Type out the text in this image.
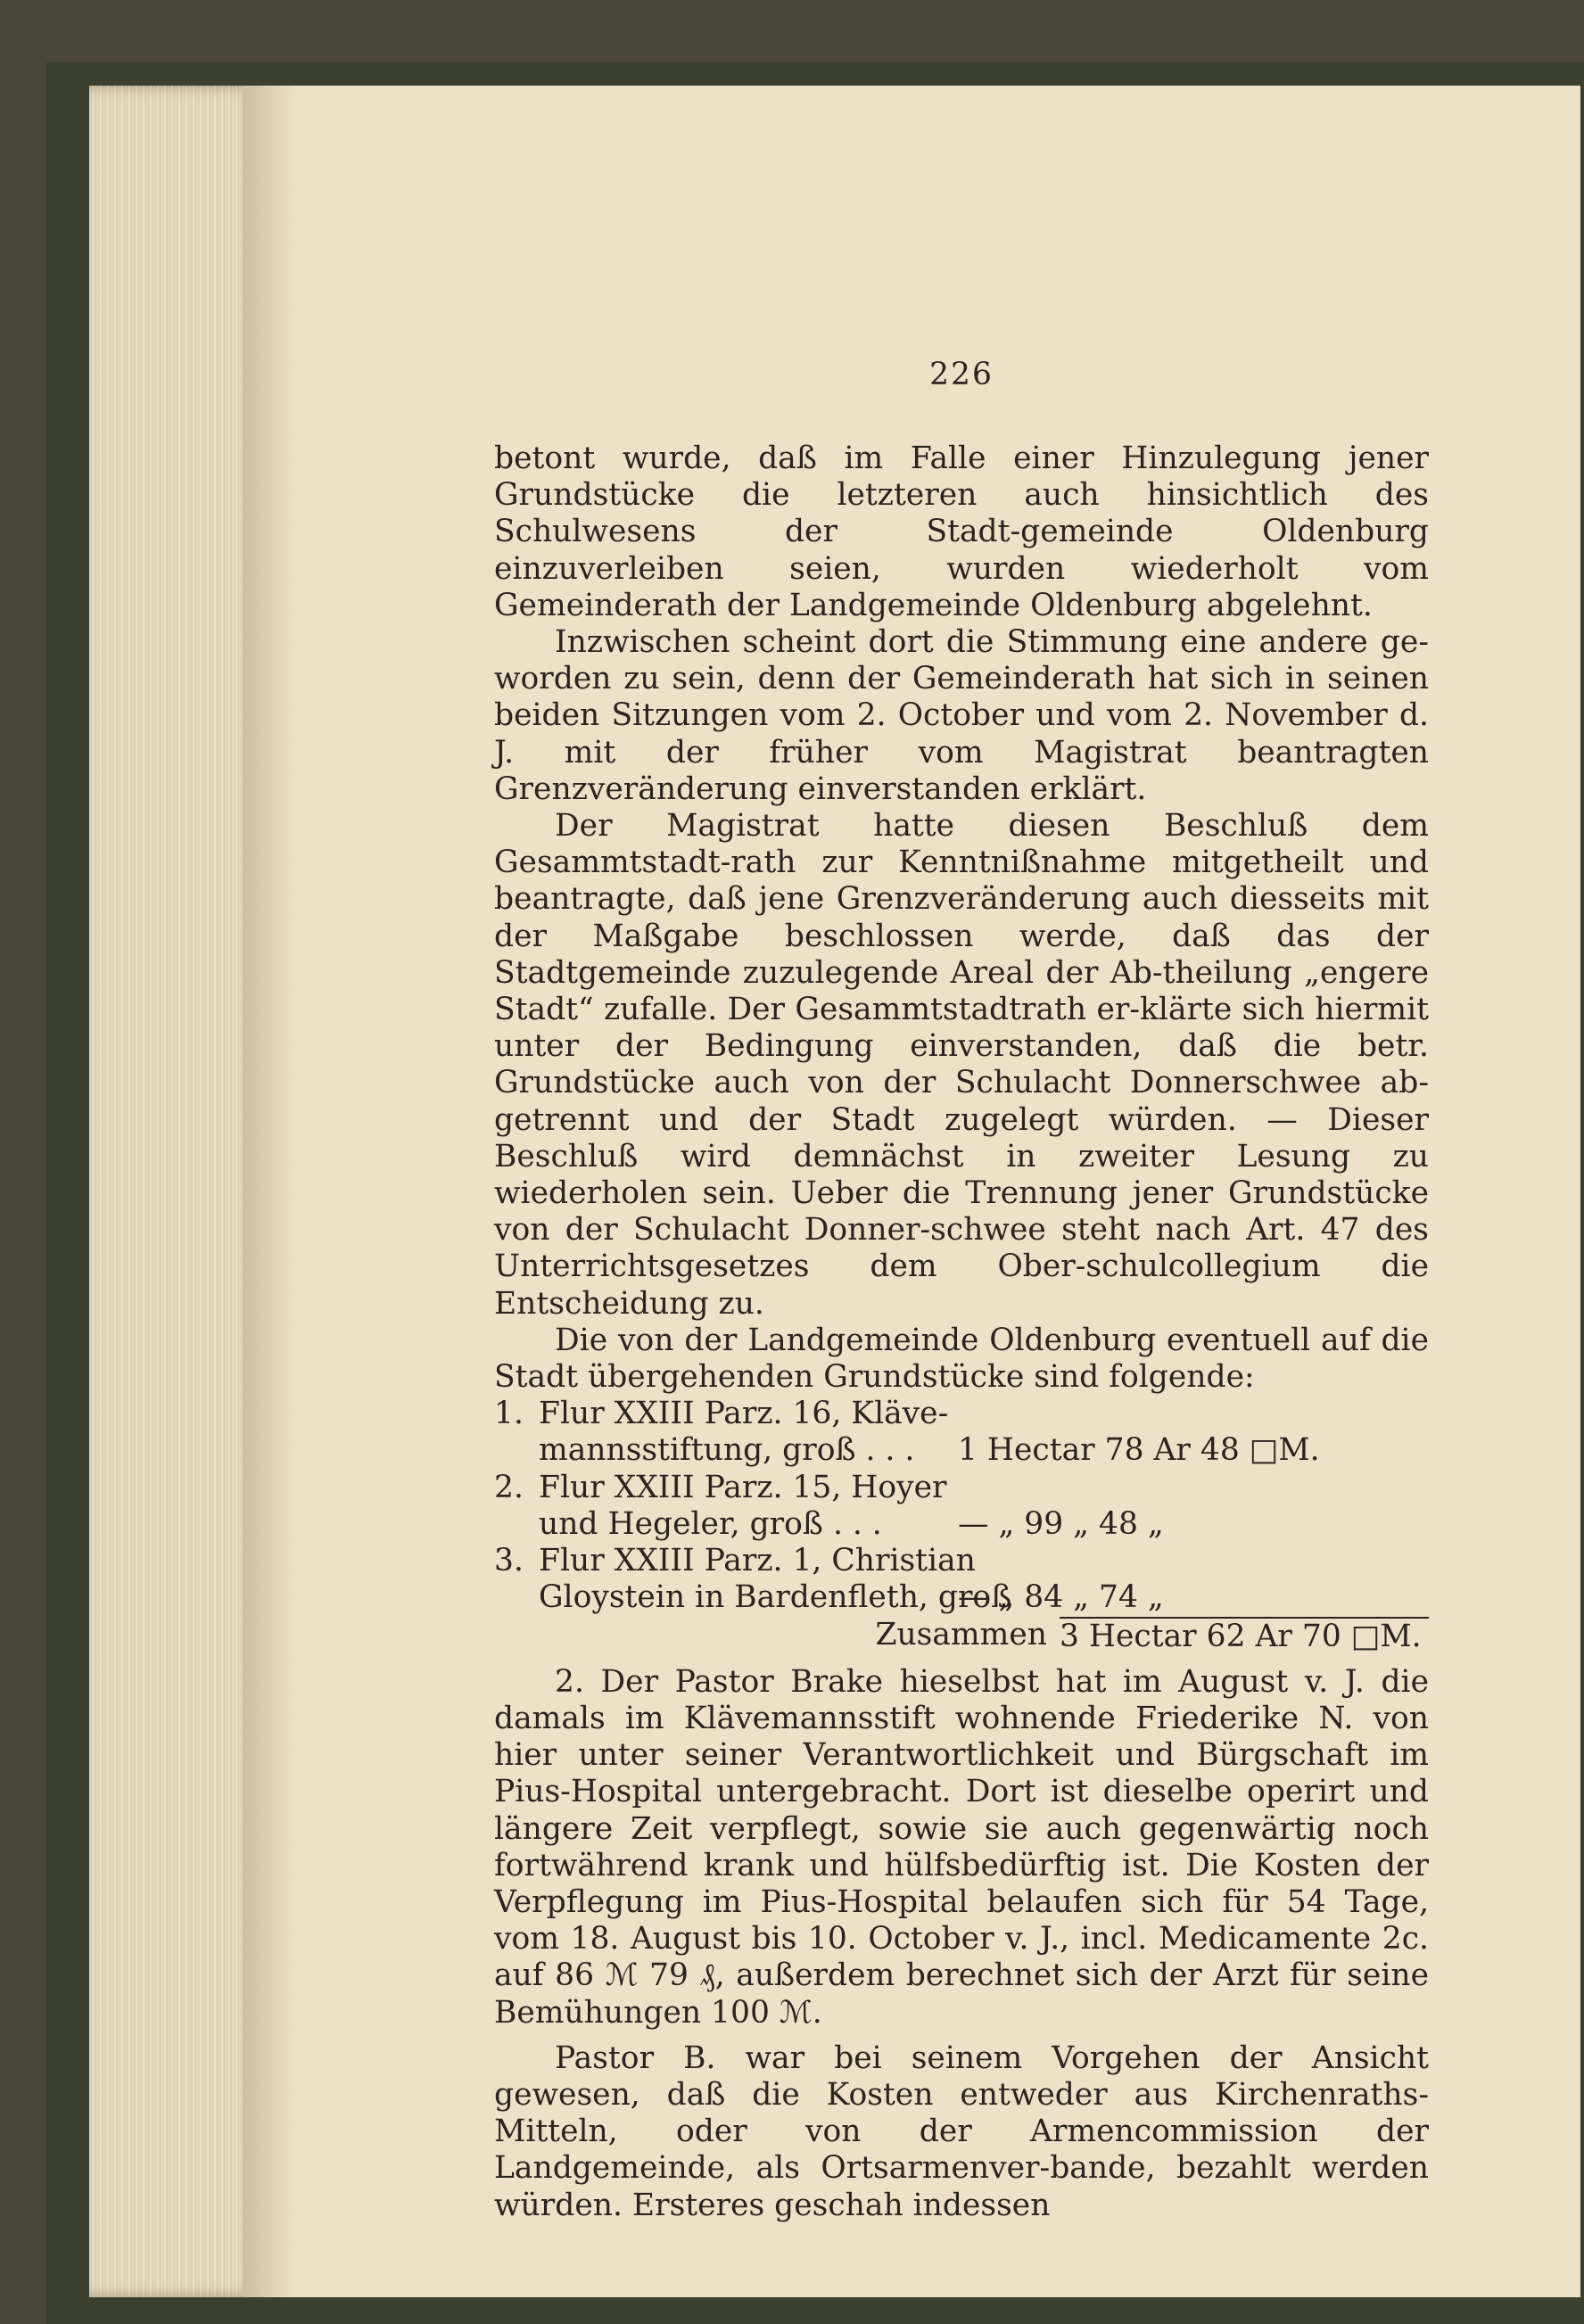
226
betont wurde, daß im Falle einer Hinzulegung jener Grundstücke die letzteren auch hinsichtlich des Schulwesens der Stadt-gemeinde Oldenburg einzuverleiben seien, wurden wiederholt vom Gemeinderath der Landgemeinde Oldenburg abgelehnt.
Inzwischen scheint dort die Stimmung eine andere ge-worden zu sein, denn der Gemeinderath hat sich in seinen beiden Sitzungen vom 2. October und vom 2. November d. J. mit der früher vom Magistrat beantragten Grenzveränderung einverstanden erklärt.
Der Magistrat hatte diesen Beschluß dem Gesammtstadt-rath zur Kenntnißnahme mitgetheilt und beantragte, daß jene Grenzveränderung auch diesseits mit der Maßgabe beschlossen werde, daß das der Stadtgemeinde zuzulegende Areal der Ab-theilung „engere Stadt“ zufalle. Der Gesammtstadtrath er-klärte sich hiermit unter der Bedingung einverstanden, daß die betr. Grundstücke auch von der Schulacht Donnerschwee ab-getrennt und der Stadt zugelegt würden. — Dieser Beschluß wird demnächst in zweiter Lesung zu wiederholen sein. Ueber die Trennung jener Grundstücke von der Schulacht Donner-schwee steht nach Art. 47 des Unterrichtsgesetzes dem Ober-schulcollegium die Entscheidung zu.
Die von der Landgemeinde Oldenburg eventuell auf die Stadt übergehenden Grundstücke sind folgende:
1. Flur XXIII Parz. 16, Kläve-
mannsstiftung, groß . . .	1 Hectar 78 Ar 48 □M.
2. Flur XXIII Parz. 15, Hoyer
und Hegeler, groß . . .	— „ 99 „ 48 „
3. Flur XXIII Parz. 1, Christian
Gloystein in Bardenfleth, groß
— „ 84 „ 74 „
Zusammen 3 Hectar 62 Ar 70 □M.
2. Der Pastor Brake hieselbst hat im August v. J. die damals im Klävemannsstift wohnende Friederike N. von hier unter seiner Verantwortlichkeit und Bürgschaft im Pius-Hospital untergebracht. Dort ist dieselbe operirt und längere Zeit verpflegt, sowie sie auch gegenwärtig noch fortwährend krank und hülfsbedürftig ist. Die Kosten der Verpflegung im Pius-Hospital belaufen sich für 54 Tage, vom 18. August bis 10. October v. J., incl. Medicamente 2c. auf 86 ℳ 79 ₰, außerdem berechnet sich der Arzt für seine Bemühungen 100 ℳ.
Pastor B. war bei seinem Vorgehen der Ansicht gewesen, daß die Kosten entweder aus Kirchenraths-Mitteln, oder von der Armencommission der Landgemeinde, als Ortsarmenver-bande, bezahlt werden würden. Ersteres geschah indessen
